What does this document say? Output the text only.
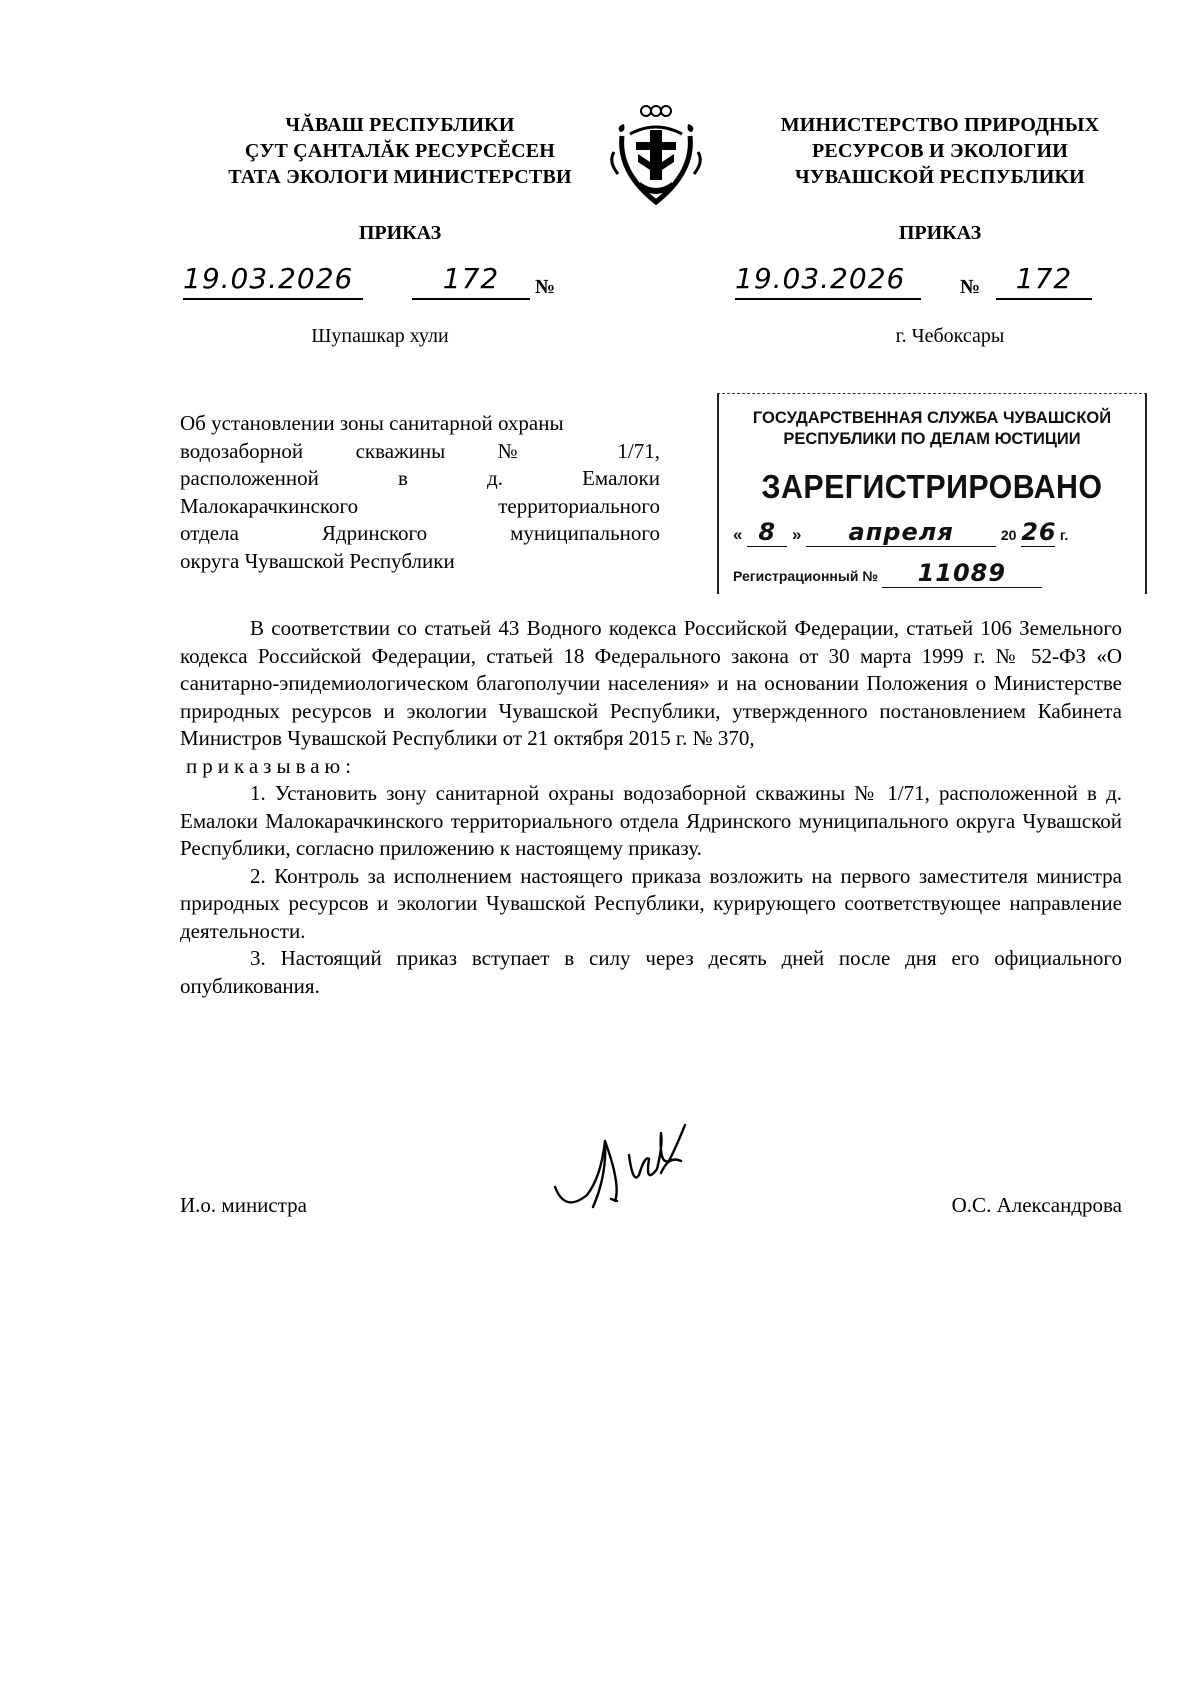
ЧĂВАШ РЕСПУБЛИКИ
ÇУТ ÇАНТАЛĂК РЕСУРСĔСЕН
ТАТА ЭКОЛОГИ МИНИСТЕРСТВИ
МИНИСТЕРСТВО ПРИРОДНЫХ
РЕСУРСОВ И ЭКОЛОГИИ
ЧУВАШСКОЙ РЕСПУБЛИКИ
ПРИКАЗ	ПРИКАЗ
19.03.2026	172	№	19.03.2026	№	172
Шупашкар хули	г. Чебоксары
Об установлении зоны санитарной охраны
водозаборной скважины № 1/71,
расположенной в д. Емалоки
Малокарачкинского территориального
отдела Ядринского муниципального
округа Чувашской Республики
ГОСУДАРСТВЕННАЯ СЛУЖБА ЧУВАШСКОЙ
РЕСПУБЛИКИ ПО ДЕЛАМ ЮСТИЦИИ
ЗАРЕГИСТРИРОВАНО
« 8 » апреля	20 26 г.
Регистрационный № 11089

В соответствии со статьей 43 Водного кодекса Российской Федерации, статьей 106 Земельного кодекса Российской Федерации, статьей 18 Федерального закона от 30 марта 1999 г. № 52-ФЗ «О санитарно-эпидемиологическом благополучии населения» и на основании Положения о Министерстве природных ресурсов и экологии Чувашской Республики, утвержденного постановлением Кабинета Министров Чувашской Республики от 21 октября 2015 г. № 370,

приказываю:

1. Установить зону санитарной охраны водозаборной скважины № 1/71, расположенной в д. Емалоки Малокарачкинского территориального отдела Ядринского муниципального округа Чувашской Республики, согласно приложению к настоящему приказу.

2. Контроль за исполнением настоящего приказа возложить на первого заместителя министра природных ресурсов и экологии Чувашской Республики, курирующего соответствующее направление деятельности.

3. Настоящий приказ вступает в силу через десять дней после дня его официального опубликования.

И.о. министра	О.С. Александрова
